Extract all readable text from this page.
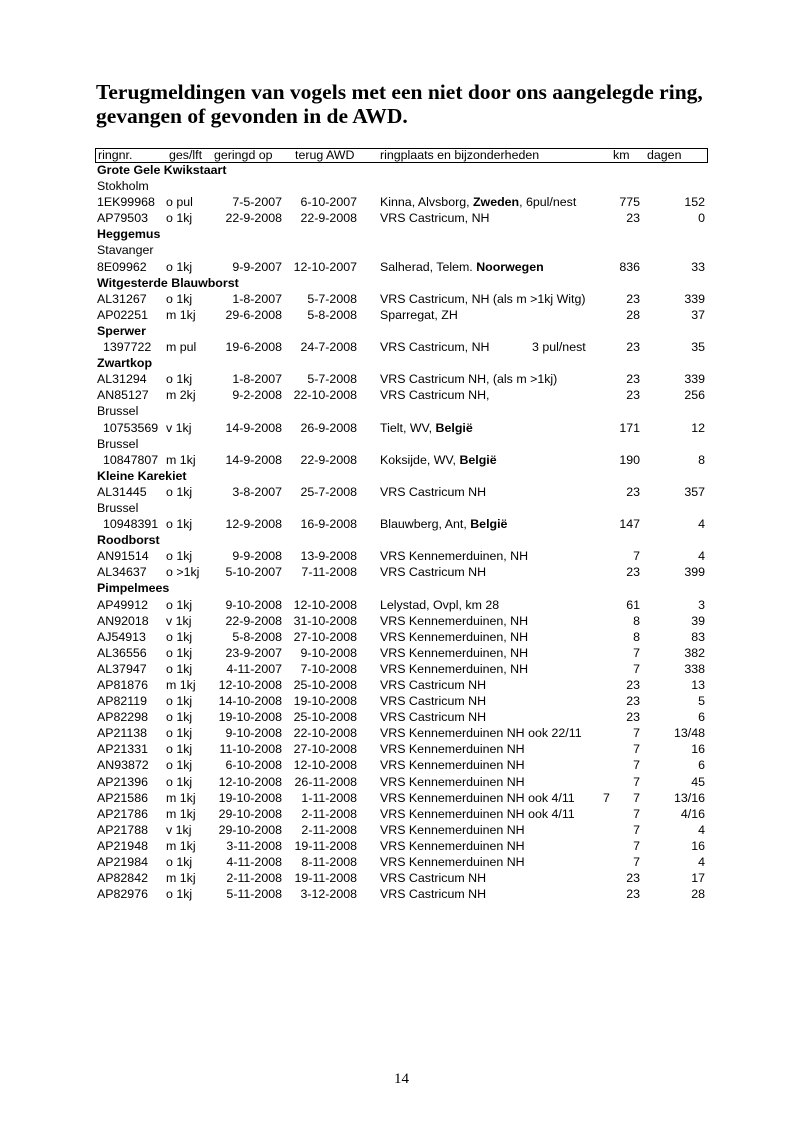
Terugmeldingen van vogels met een niet door ons aangelegde ring, gevangen of gevonden in de AWD.
ringnr.	ges/lft geringd op terug AWD ringplaats en bijzonderheden	km dagen
Grote Gele Kwikstaart
Stokholm
1EK99968 o pul	7-5-2007	6-10-2007 Kinna, Alvsborg, Zweden, 6pul/nest	775	152
AP79503 o 1kj	22-9-2008	22-9-2008 VRS Castricum, NH	23	0
Heggemus
Stavanger
8E09962 o 1kj	9-9-2007 12-10-2007 Salherad, Telem. Noorwegen	836	33
Witgesterde Blauwborst
AL31267 o 1kj	1-8-2007	5-7-2008 VRS Castricum, NH (als m >1kj Witg)	23	339
AP02251 m 1kj	29-6-2008	5-8-2008 Sparregat, ZH	28	37
Sperwer
1397722 m pul	19-6-2008	24-7-2008 VRS Castricum, NH	3 pul/nest	23	35
Zwartkop
AL31294 o 1kj	1-8-2007	5-7-2008 VRS Castricum NH, (als m >1kj)	23	339
AN85127 m 2kj	9-2-2008 22-10-2008 VRS Castricum NH,	23	256
Brussel
10753569 v 1kj	14-9-2008	26-9-2008 Tielt, WV, België	171	12
Brussel
10847807 m 1kj	14-9-2008	22-9-2008 Koksijde, WV, België	190	8
Kleine Karekiet
AL31445 o 1kj	3-8-2007	25-7-2008 VRS Castricum NH	23	357
Brussel
10948391 o 1kj	12-9-2008	16-9-2008 Blauwberg, Ant, België	147	4
Roodborst
AN91514 o 1kj	9-9-2008	13-9-2008 VRS Kennemerduinen, NH	7	4
AL34637 o >1kj	5-10-2007	7-11-2008 VRS Castricum NH	23	399
Pimpelmees
AP49912 o 1kj	9-10-2008 12-10-2008 Lelystad, Ovpl, km 28	61	3
AN92018 v 1kj	22-9-2008 31-10-2008 VRS Kennemerduinen, NH	8	39
AJ54913 o 1kj	5-8-2008 27-10-2008 VRS Kennemerduinen, NH	8	83
AL36556 o 1kj	23-9-2007	9-10-2008 VRS Kennemerduinen, NH	7	382
AL37947 o 1kj	4-11-2007	7-10-2008 VRS Kennemerduinen, NH	7	338
AP81876 m 1kj	12-10-2008 25-10-2008 VRS Castricum NH	23	13
AP82119 o 1kj	14-10-2008 19-10-2008 VRS Castricum NH	23	5
AP82298 o 1kj	19-10-2008 25-10-2008 VRS Castricum NH	23	6
AP21138 o 1kj	9-10-2008 22-10-2008 VRS Kennemerduinen NH ook 22/11	7	13/48
AP21331 o 1kj	11-10-2008 27-10-2008 VRS Kennemerduinen NH	7	16
AN93872 o 1kj	6-10-2008 12-10-2008 VRS Kennemerduinen NH	7	6
AP21396 o 1kj	12-10-2008	26-11-2008 VRS Kennemerduinen NH	7	45
AP21586 m 1kj	19-10-2008	1-11-2008 VRS Kennemerduinen NH ook 4/11 7	7	13/16
AP21786 m 1kj	29-10-2008	2-11-2008 VRS Kennemerduinen NH ook 4/11	7	4/16
AP21788 v 1kj	29-10-2008	2-11-2008 VRS Kennemerduinen NH	7	4
AP21948 m 1kj	3-11-2008	19-11-2008 VRS Kennemerduinen NH	7	16
AP21984 o 1kj	4-11-2008	8-11-2008 VRS Kennemerduinen NH	7	4
AP82842 m 1kj	2-11-2008	19-11-2008 VRS Castricum NH	23	17
AP82976 o 1kj	5-11-2008	3-12-2008 VRS Castricum NH	23	28
14
